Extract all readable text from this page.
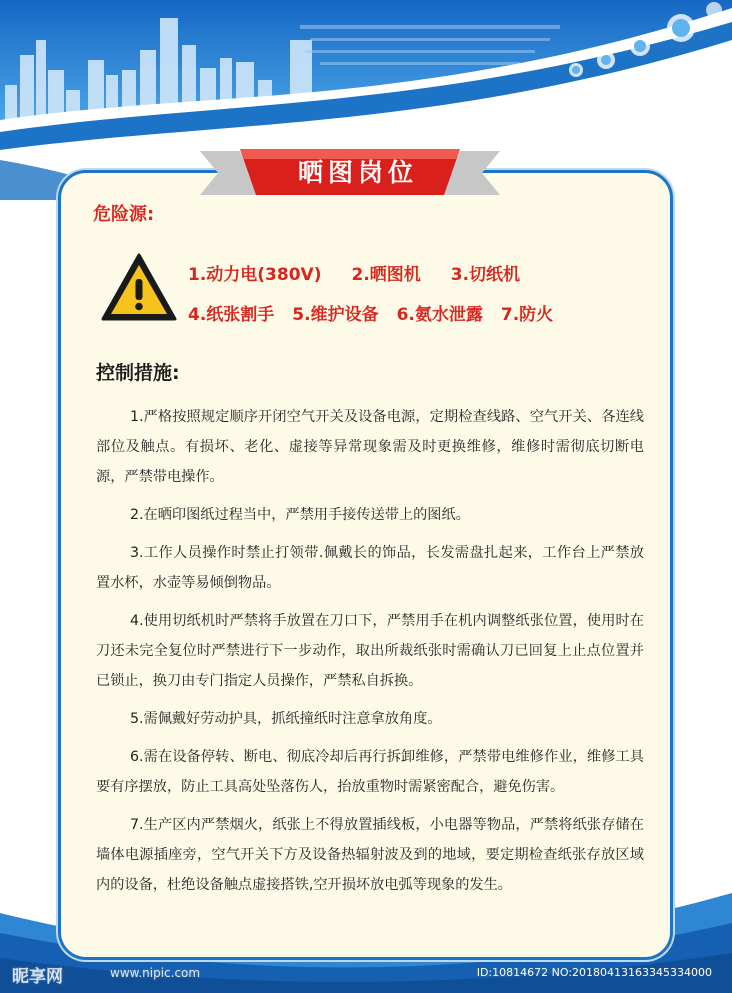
晒图岗位
危险源:
1.动力电(380V) 2.晒图机 3.切纸机
4.纸张割手 5.维护设备 6.氨水泄露 7.防火
控制措施:

1.严格按照规定顺序开闭空气开关及设备电源，定期检查线路、空气开关、各连线部位及触点。有损坏、老化、虚接等异常现象需及时更换维修，维修时需彻底切断电源，严禁带电操作。

2.在晒印图纸过程当中，严禁用手接传送带上的图纸。

3.工作人员操作时禁止打领带.佩戴长的饰品，长发需盘扎起来，工作台上严禁放置水杯，水壶等易倾倒物品。

4.使用切纸机时严禁将手放置在刀口下，严禁用手在机内调整纸张位置，使用时在刀还未完全复位时严禁进行下一步动作，取出所裁纸张时需确认刀已回复上止点位置并已锁止，换刀由专门指定人员操作，严禁私自拆换。

5.需佩戴好劳动护具，抓纸撞纸时注意拿放角度。

6.需在设备停转、断电、彻底冷却后再行拆卸维修，严禁带电维修作业，维修工具要有序摆放，防止工具高处坠落伤人，抬放重物时需紧密配合，避免伤害。

7.生产区内严禁烟火，纸张上不得放置插线板，小电器等物品，严禁将纸张存储在墙体电源插座旁，空气开关下方及设备热辐射波及到的地域，要定期检查纸张存放区域内的设备，杜绝设备触点虚接搭铁,空开损坏放电弧等现象的发生。

昵享网	www.nipic.com	ID:10814672 NO:20180413163345334000
